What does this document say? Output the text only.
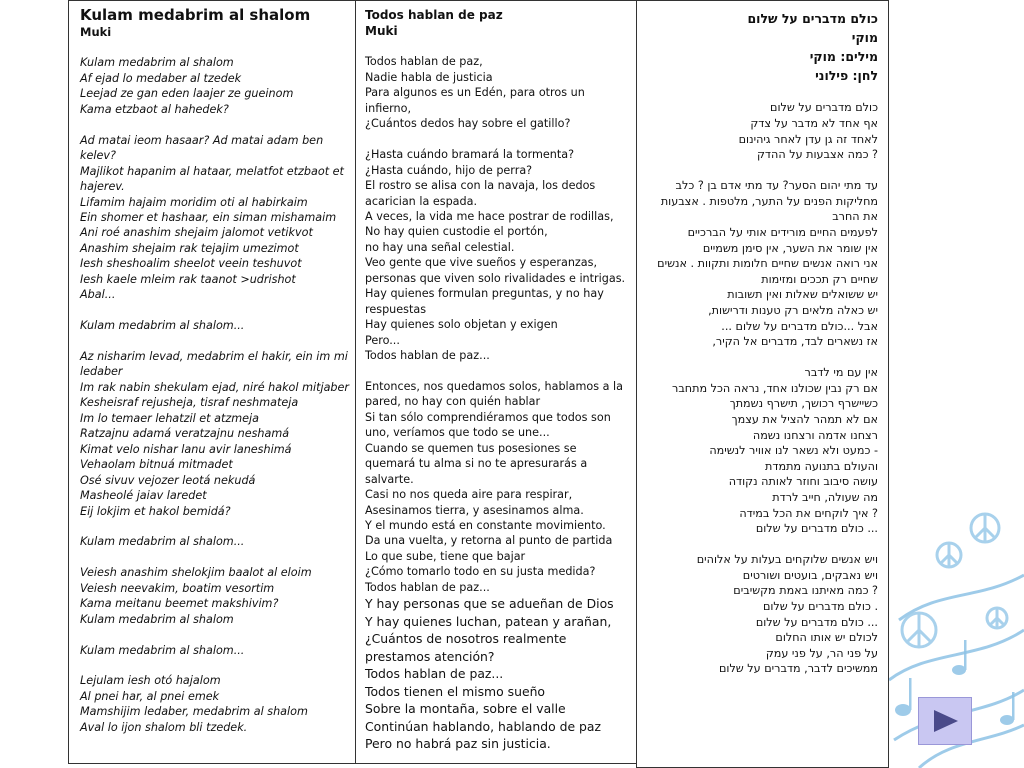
Kulam medabrim al shalom
Muki
Kulam medabrim al shalom
Af ejad lo medaber al tzedek
Leejad ze gan eden laajer ze gueinom
Kama etzbaot al hahedek?
Ad matai ieom hasaar? Ad matai adam ben kelev?
Majlikot hapanim al hataar, melatfot etzbaot et hajerev.
Lifamim hajaim moridim oti al habirkaim
Ein shomer et hashaar, ein siman mishamaim
Ani roé anashim shejaim jalomot vetikvot
Anashim shejaim rak tejajim umezimot
Iesh sheshoalim sheelot veein teshuvot
Iesh kaele mleim rak taanot >udrishot
Abal...
Kulam medabrim al shalom...
Az nisharim levad, medabrim el hakir, ein im mi ledaber
Im rak nabin shekulam ejad, niré hakol mitjaber
Kesheisraf rejusheja, tisraf neshmateja
Im lo temaer lehatzil et atzmeja
Ratzajnu adamá veratzajnu neshamá
Kimat velo nishar lanu avir laneshimá
Vehaolam bitnuá mitmadet
Osé sivuv vejozer leotá nekudá
Masheolé jaiav laredet
Eij lokjim et hakol bemidá?
Kulam medabrim al shalom...
Veiesh anashim shelokjim baalot al eloim
Veiesh neevakim, boatim vesortim
Kama meitanu beemet makshivim?
Kulam medabrim al shalom
Kulam medabrim al shalom...
Lejulam iesh otó hajalom
Al pnei har, al pnei emek
Mamshijim ledaber, medabrim al shalom
Aval lo ijon shalom bli tzedek.
Todos hablan de paz
Muki
Todos hablan de paz,
Nadie habla de justicia
Para algunos es un Edén, para otros un infierno,
¿Cuántos dedos hay sobre el gatillo?
¿Hasta cuándo bramará la tormenta?
¿Hasta cuándo, hijo de perra?
El rostro se alisa con la navaja, los dedos acarician la espada.
A veces, la vida me hace postrar de rodillas,
No hay quien custodie el portón,
no hay una señal celestial.
Veo gente que vive sueños y esperanzas, personas que viven solo rivalidades e intrigas.
Hay quienes formulan preguntas, y no hay respuestas
Hay quienes solo objetan y exigen
Pero...
Todos hablan de paz...
Entonces, nos quedamos solos, hablamos a la pared, no hay con quién hablar
Si tan sólo comprendiéramos que todos son uno, veríamos que todo se une...
Cuando se quemen tus posesiones se quemará tu alma si no te apresurarás a salvarte.
Casi no nos queda aire para respirar,
Asesinamos tierra, y asesinamos alma.
Y el mundo está en constante movimiento.
Da una vuelta, y retorna al punto de partida
Lo que sube, tiene que bajar
¿Cómo tomarlo todo en su justa medida?
Todos hablan de paz...
Y hay personas que se adueñan de Dios
Y hay quienes luchan, patean y arañan,
¿Cuántos de nosotros realmente prestamos atención?
Todos hablan de paz...
Todos tienen el mismo sueño
Sobre la montaña, sobre el valle
Continúan hablando, hablando de paz
Pero no habrá paz sin justicia.
כולם מדברים על שלום
מוקי
מילים: מוקי
לחן: פילוני
כולם מדברים על שלום
אף אחד לא מדבר על צדק
לאחד זה גן עדן לאחר גיהינום
? כמה אצבעות על ההדק
עד מתי יהום הסער? עד מתי אדם בן ? כלב
מחליקות הפנים על התער, מלטפות . אצבעות את החרב
לפעמים החיים מורידים אותי על הברכיים
אין שומר את השער, אין סימן משמיים
אני רואה אנשים שחיים חלומות ותקוות . אנשים שחיים רק תככים ומזימות
יש ששואלים שאלות ואין תשובות
יש כאלה מלאים רק טענות ודרישות,
אבל ...כולם מדברים על שלום ...
אז נשארים לבד, מדברים אל הקיר,
אין עם מי לדבר
אם רק נבין שכולנו אחד, נראה הכל מתחבר
כשיישרף רכושך, תישרף נשמתך
אם לא תמהר להציל את עצמך
רצחנו אדמה ורצחנו נשמה
- כמעט ולא נשאר לנו אוויר לנשימה
והעולם בתנועה מתמדת
עושה סיבוב וחוזר לאותה נקודה
מה שעולה, חייב לרדת
? איך לוקחים את הכל במידה
... כולם מדברים על שלום
ויש אנשים שלוקחים בעלות על אלוהים
ויש נאבקים, בועטים ושורטים
? כמה מאיתנו באמת מקשיבים
. כולם מדברים על שלום
... כולם מדברים על שלום
לכולם יש אותו החלום
על פני הר, על פני עמק
ממשיכים לדבר, מדברים על שלום
